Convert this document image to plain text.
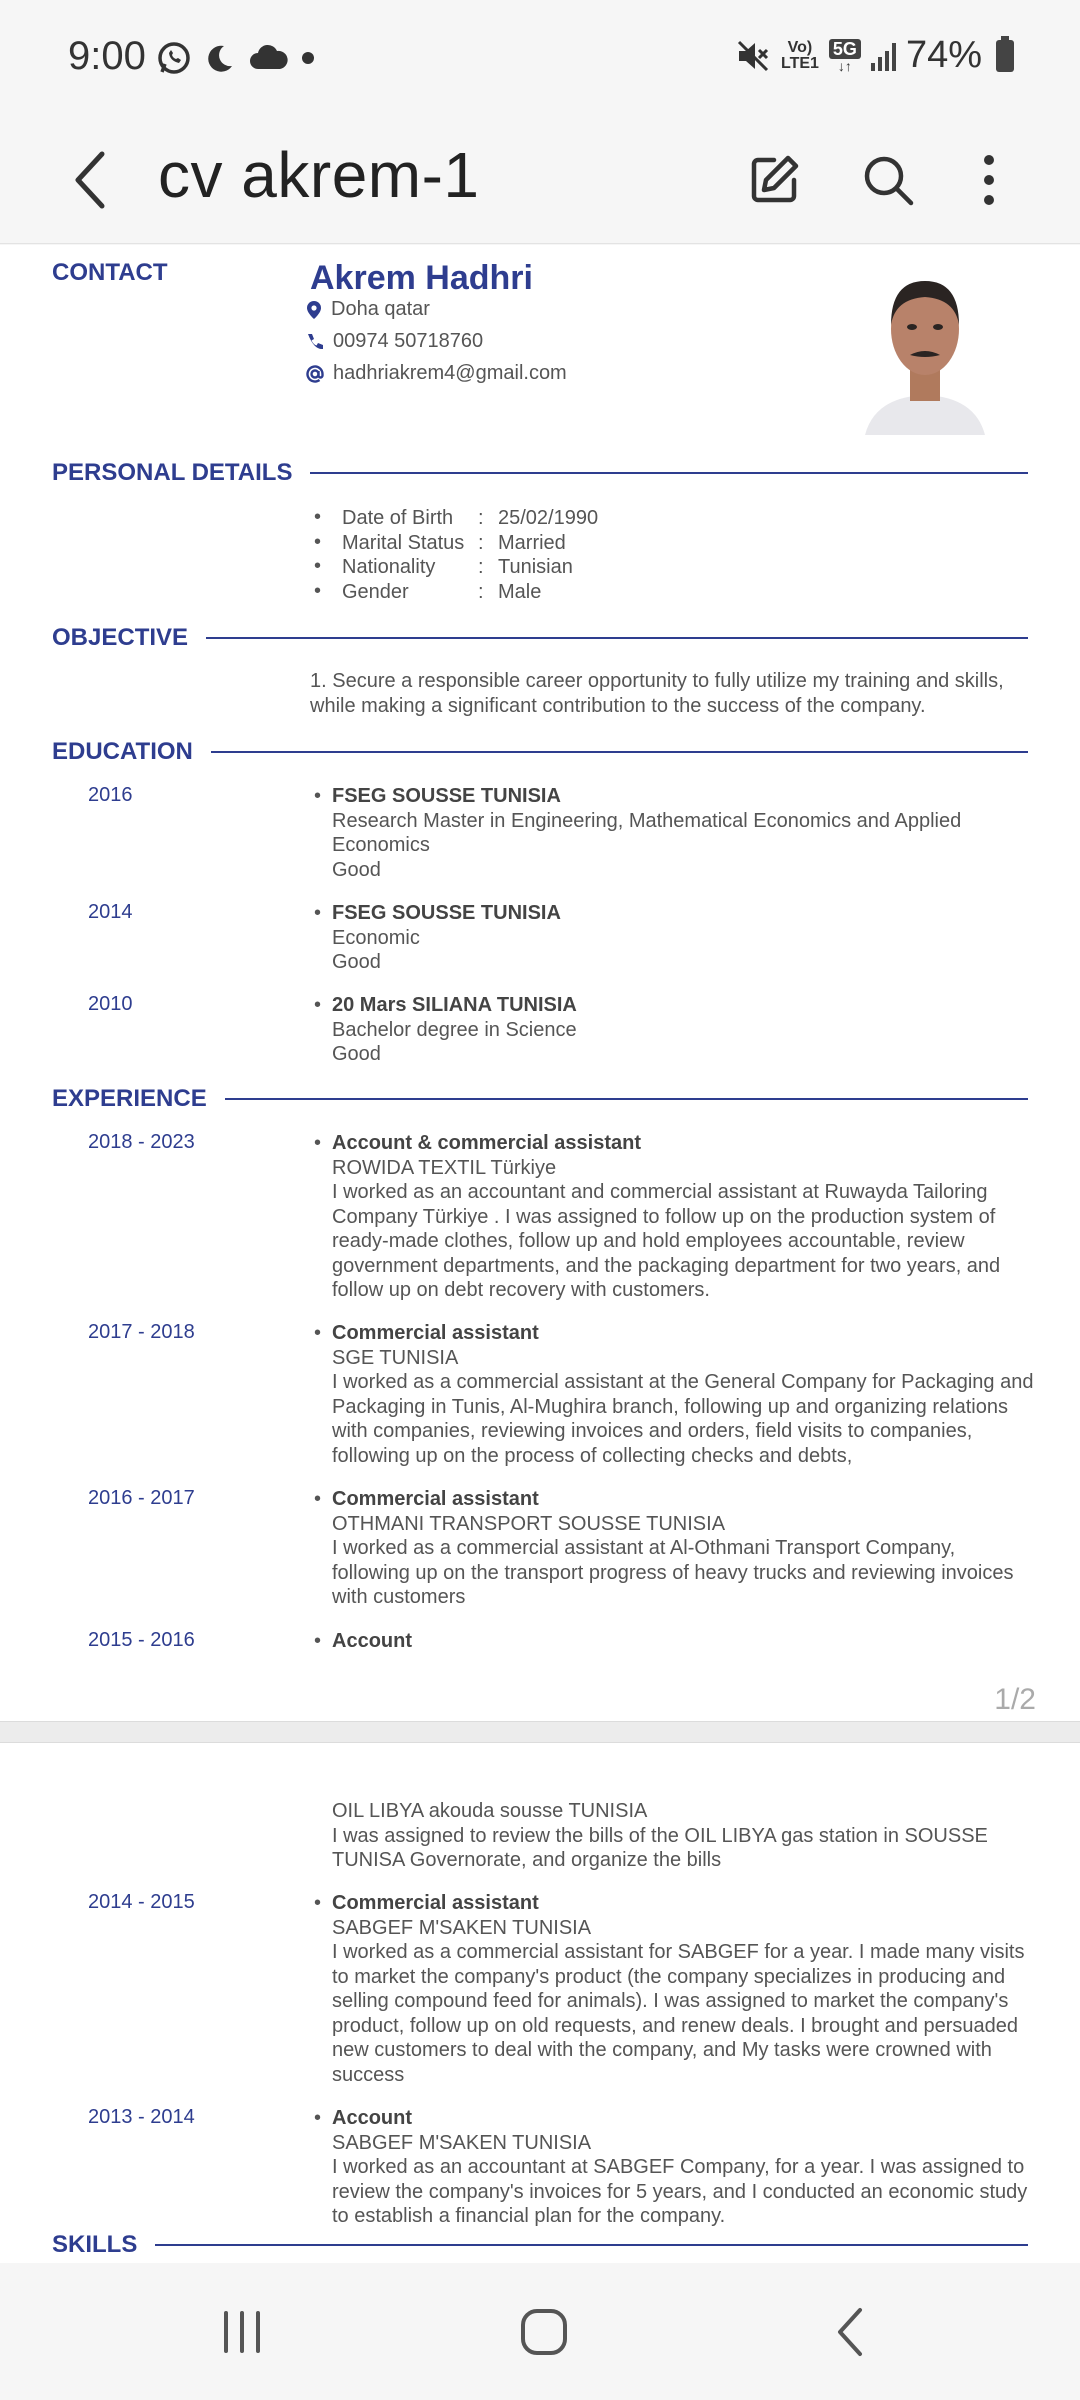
9:00	Vo)
LTE1
5G
↓↑ 74%
cv akrem-1
CONTACT	Akrem Hadhri
Doha qatar
00974 50718760
hadhriakrem4@gmail.com
PERSONAL DETAILS
• Date of Birth	: 25/02/1990
• Marital Status : Married
• Nationality	: Tunisian
• Gender	: Male
OBJECTIVE
1. Secure a responsible career opportunity to fully utilize my training and skills, while making a significant contribution to the success of the company.
EDUCATION
2016	• FSEG SOUSSE TUNISIA
Research Master in Engineering, Mathematical Economics and Applied Economics
Good
2014	• FSEG SOUSSE TUNISIA
Economic
Good
2010	• 20 Mars SILIANA TUNISIA
Bachelor degree in Science
Good
EXPERIENCE
2018 - 2023	• Account & commercial assistant
ROWIDA TEXTIL Türkiye
I worked as an accountant and commercial assistant at Ruwayda Tailoring Company Türkiye . I was assigned to follow up on the production system of ready-made clothes, follow up and hold employees accountable, review government departments, and the packaging department for two years, and follow up on debt recovery with customers.
2017 - 2018	• Commercial assistant
SGE TUNISIA
I worked as a commercial assistant at the General Company for Packaging and Packaging in Tunis, Al-Mughira branch, following up and organizing relations with companies, reviewing invoices and orders, field visits to companies, following up on the process of collecting checks and debts,
2016 - 2017	• Commercial assistant
OTHMANI TRANSPORT SOUSSE TUNISIA
I worked as a commercial assistant at Al-Othmani Transport Company, following up on the transport progress of heavy trucks and reviewing invoices with customers
2015 - 2016	• Account
1/2
OIL LIBYA akouda sousse TUNISIA
I was assigned to review the bills of the OIL LIBYA gas station in SOUSSE TUNISA Governorate, and organize the bills
2014 - 2015	• Commercial assistant
SABGEF M'SAKEN TUNISIA
I worked as a commercial assistant for SABGEF for a year. I made many visits to market the company's product (the company specializes in producing and selling compound feed for animals). I was assigned to market the company's product, follow up on old requests, and renew deals. I brought and persuaded new customers to deal with the company, and My tasks were crowned with success
2013 - 2014	• Account
SABGEF M'SAKEN TUNISIA
I worked as an accountant at SABGEF Company, for a year. I was assigned to review the company's invoices for 5 years, and I conducted an economic study to establish a financial plan for the company.
SKILLS
